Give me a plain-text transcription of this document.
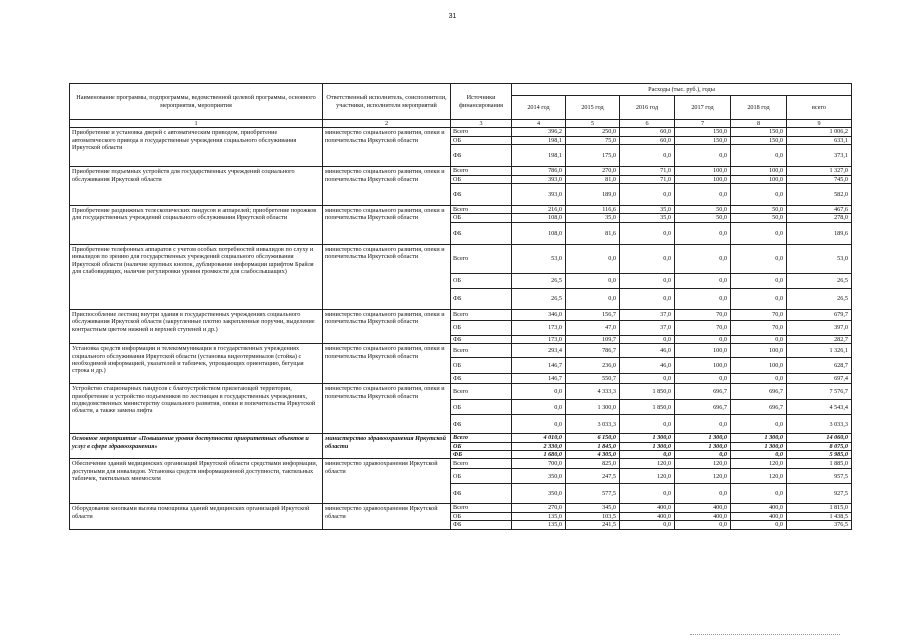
31
Наименование программы, подпрограммы, ведомственной целевой программы, основного мероприятия, мероприятия	Ответственный исполнитель, соисполнители, участники, исполнители мероприятий	Источники финансирования	Расходы (тыс. руб.), годы					
			2014 год	2015 год	2016 год	2017 год	2018 год	всего
1	2	3	4	5	6	7	8	9
Приобретение и установка дверей с автоматическим приводом, приобретение автоматического привода в государственные учреждения социального обслуживания Иркутской области	министерство социального развития, опеки и попечительства Иркутской области	Всего	396,2	250,0	60,0	150,0	150,0	1 006,2
		ОБ	198,1	75,0	60,0	150,0	150,0	633,1
		ФБ	198,1	175,0	0,0	0,0	0,0	373,1
Приобретение подъемных устройств для государственных учреждений социального обслуживания Иркутской области	министерство социального развития, опеки и попечительства Иркутской области	Всего	786,0	270,0	71,0	100,0	100,0	1 327,0
		ОБ	393,0	81,0	71,0	100,0	100,0	745,0
		ФБ	393,0	189,0	0,0	0,0	0,0	582,0
Приобретение раздвижных телескопических пандусов и аппарелей; приобретение порожков для государственных учреждений социального обслуживания Иркутской области	министерство социального развития, опеки и попечительства Иркутской области	Всего	216,0	116,6	35,0	50,0	50,0	467,6
		ОБ	108,0	35,0	35,0	50,0	50,0	278,0
		ФБ	108,0	81,6	0,0	0,0	0,0	189,6
Приобретение телефонных аппаратов с учетом особых потребностей инвалидов по слуху и инвалидов по зрению для государственных учреждений социального обслуживания Иркутской области (наличие крупных кнопок, дублирование информации шрифтом Брайля для слабовидящих, наличие регулировки уровня громкости для слабослышащих)	министерство социального развития, опеки и попечительства Иркутской области	Всего	53,0	0,0	0,0	0,0	0,0	53,0
		ОБ	26,5	0,0	0,0	0,0	0,0	26,5
		ФБ	26,5	0,0	0,0	0,0	0,0	26,5
Приспособление лестниц внутри здания в государственных учреждениях социального обслуживания Иркутской области (закругленные плотно закрепленные поручни, выделение контрастным цветом нижней и верхней ступеней и др.)	министерство социального развития, опеки и попечительства Иркутской области	Всего	346,0	156,7	37,0	70,0	70,0	679,7
		ОБ	173,0	47,0	37,0	70,0	70,0	397,0
		ФБ	173,0	109,7	0,0	0,0	0,0	282,7
Установка средств информации и телекоммуникации в государственных учреждениях социального обслуживания Иркутской области (установка видеотерминалов (стойка) с необходимой информацией, указателей и табличек, упрощающих ориентацию, бегущая строка и др.)	министерство социального развития, опеки и попечительства Иркутской области	Всего	293,4	786,7	46,0	100,0	100,0	1 326,1
		ОБ	146,7	236,0	46,0	100,0	100,0	628,7
		ФБ	146,7	550,7	0,0	0,0	0,0	697,4
Устройство стационарных пандусов с благоустройством прилегающей территории, приобретение и устройство подъемников по лестницам в государственных учреждениях, подведомственных министерству социального развития, опеки и попечительства Иркутской области, а также замена лифта	министерство социального развития, опеки и попечительства Иркутской области	Всего	0,0	4 333,3	1 850,0	696,7	696,7	7 576,7
		ОБ	0,0	1 300,0	1 850,0	696,7	696,7	4 543,4
		ФБ	0,0	3 033,3	0,0	0,0	0,0	3 033,3
Основное мероприятие «Повышение уровня доступности приоритетных объектов и услуг в сфере здравоохранения»	министерство здравоохранения Иркутской области	Всего	4 010,0	6 150,0	1 300,0	1 300,0	1 300,0	14 060,0
		ОБ	2 330,0	1 845,0	1 300,0	1 300,0	1 300,0	8 075,0
		ФБ	1 680,0	4 305,0	0,0	0,0	0,0	5 985,0
Обеспечение зданий медицинских организаций Иркутской области средствами информации, доступными для инвалидов. Установка средств информационной доступности, тактильных табличек, тактильных мнемосхем	министерство здравоохранения Иркутской области	Всего	700,0	825,0	120,0	120,0	120,0	1 885,0
		ОБ	350,0	247,5	120,0	120,0	120,0	957,5
		ФБ	350,0	577,5	0,0	0,0	0,0	927,5
Оборудование кнопками вызова помощника зданий медицинских организаций Иркутской области	министерство здравоохранения Иркутской области	Всего	270,0	345,0	400,0	400,0	400,0	1 815,0
		ОБ	135,0	103,5	400,0	400,0	400,0	1 438,5
		ФБ	135,0	241,5	0,0	0,0	0,0	376,5
